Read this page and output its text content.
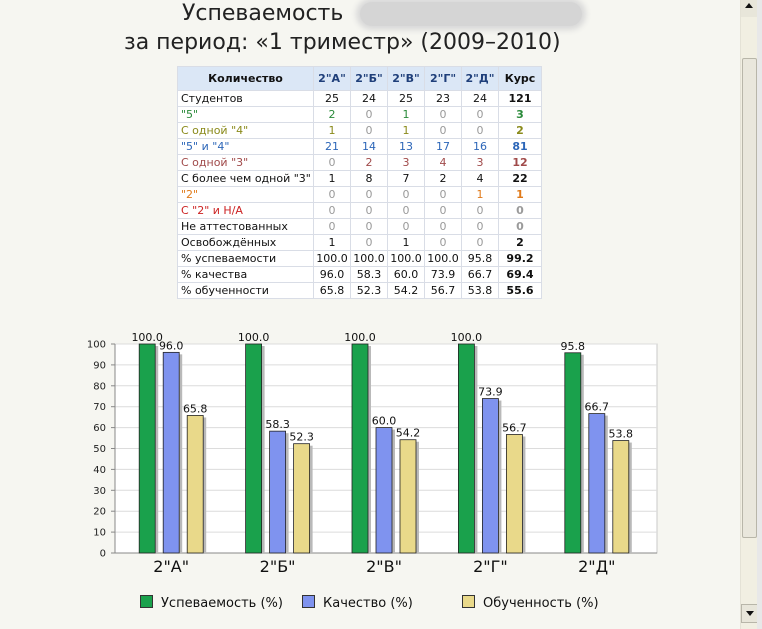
Успеваемость
за период: «1 триместр» (2009–2010)
Количество	2"А"	2"Б"	2"В"	2"Г"	2"Д"	Курс
Студентов	25	24	25	23	24	121
"5"	2	0	1	0	0	3
С одной "4"	1	0	1	0	0	2
"5" и "4"	21	14	13	17	16	81
С одной "3"	0	2	3	4	3	12
С более чем одной "3"	1	8	7	2	4	22
"2"	0	0	0	0	1	1
С "2" и Н/А	0	0	0	0	0	0
Не аттестованных	0	0	0	0	0	0
Освобождённых	1	0	1	0	0	2
% успеваемости	100.0	100.0	100.0	100.0	95.8	99.2
% качества	96.0	58.3	60.0	73.9	66.7	69.4
% обученности	65.8	52.3	54.2	56.7	53.8	55.6
0
10
20
30
40
50
60
70
80
90
100
100.0
96.0
65.8
2"А"
100.0
58.3
52.3
2"Б"
100.0
60.0
54.2
2"В"
100.0
73.9
56.7
2"Г"
95.8
66.7
53.8
2"Д"
Успеваемость (%)	Качество (%)	Обученность (%)
